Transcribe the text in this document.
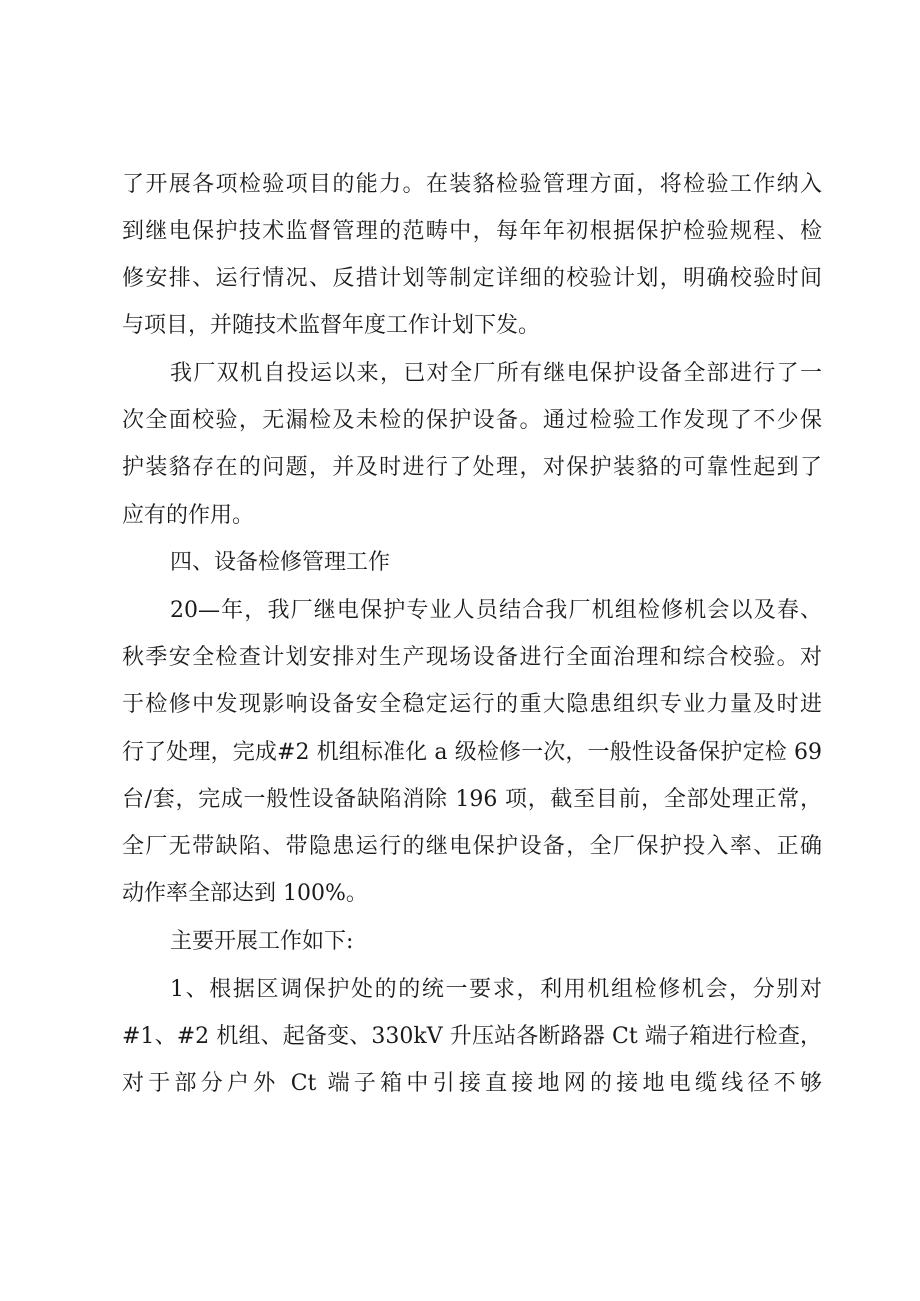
了开展各项检验项目的能力。在装貉检验管理方面，将检验工作纳入
到继电保护技术监督管理的范畴中，每年年初根据保护检验规程、检
修安排、运行情况、反措计划等制定详细的校验计划，明确校验时间
与项目，并随技术监督年度工作计划下发。
我厂双机自投运以来，已对全厂所有继电保护设备全部进行了一
次全面校验，无漏检及未检的保护设备。通过检验工作发现了不少保
护装貉存在的问题，并及时进行了处理，对保护装貉的可靠性起到了
应有的作用。
四、设备检修管理工作
20—年，我厂继电保护专业人员结合我厂机组检修机会以及春、
秋季安全检查计划安排对生产现场设备进行全面治理和综合校验。对
于检修中发现影响设备安全稳定运行的重大隐患组织专业力量及时进
行了处理，完成#2 机组标准化 a 级检修一次，一般性设备保护定检 69
台/套，完成一般性设备缺陷消除 196 项，截至目前，全部处理正常，
全厂无带缺陷、带隐患运行的继电保护设备，全厂保护投入率、正确
动作率全部达到 100%。
主要开展工作如下:
1、根据区调保护处的的统一要求，利用机组检修机会，分别对
#1、#2 机组、起备变、330kV 升压站各断路器 Ct 端子箱进行检查，
对于部分户外 Ct 端子箱中引接直接地网的接地电缆线径不够
